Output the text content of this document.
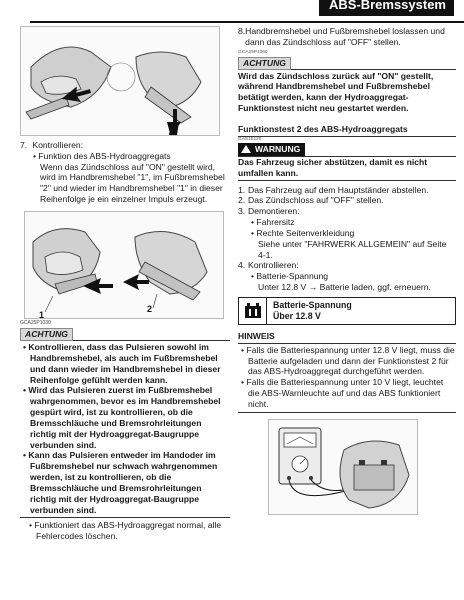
ABS-Bremssystem
7. Kontrollieren:
• Funktion des ABS-Hydroaggregats
Wenn das Zündschloss auf "ON" gestellt wird, wird im Handbremshebel "1", im Fußbremshebel "2" und wieder im Handbremshebel "1" in dieser Reihenfolge je ein einzelner Impuls erzeugt.
1
2
GCA25P1030
ACHTUNG
• Kontrollieren, dass das Pulsieren sowohl im Handbremshebel, als auch im Fußbremshebel und dann wieder im Handbremshebel in dieser Reihenfolge gefühlt werden kann.
• Wird das Pulsieren zuerst im Fußbremshebel wahrgenommen, bevor es im Handbremshebel gespürt wird, ist zu kontrollieren, ob die Bremsschläuche und Bremsrohrleitungen richtig mit der Hydroaggregat-Baugruppe verbunden sind.
• Kann das Pulsieren entweder im Handoder im Fußbremshebel nur schwach wahrgenommen werden, ist zu kontrollieren, ob die Bremsschläuche und Bremsrohrleitungen richtig mit der Hydroaggregat-Baugruppe verbunden sind.
• Funktioniert das ABS-Hydroaggregat normal, alle Fehlercodes löschen.
8. Handbremshebel und Fußbremshebel loslassen und dann das Zündschloss auf "OFF" stellen.
GCA25P1060
ACHTUNG
Wird das Zündschloss zurück auf "ON" gestellt, während Handbremshebel und Fußbremshebel betätigt werden, kann der Hydroaggregat-Funktionstest nicht neu gestartet werden.
Funktionstest 2 des ABS-Hydroaggregats
GAS15120
WARNUNG
Das Fahrzeug sicher abstützen, damit es nicht umfallen kann.
1. Das Fahrzeug auf dem Hauptständer abstellen.
2. Das Zündschloss auf "OFF" stellen.
3. Demontieren:
• Fahrersitz
• Rechte Seitenverkleidung
Siehe unter "FAHRWERK ALLGEMEIN" auf Seite 4-1.
4. Kontrollieren:
• Batterie-Spannung
Unter 12.8 V → Batterie laden, ggf. erneuern.
Batterie-Spannung
Über 12.8 V
HINWEIS
• Falls die Batteriespannung unter 12.8 V liegt, muss die Batterie aufgeladen und dann der Funktionstest 2 für das ABS-Hydroaggregat durchgeführt werden.
• Falls die Batteriespannung unter 10 V liegt, leuchtet die ABS-Warnleuchte auf und das ABS funktioniert nicht.
